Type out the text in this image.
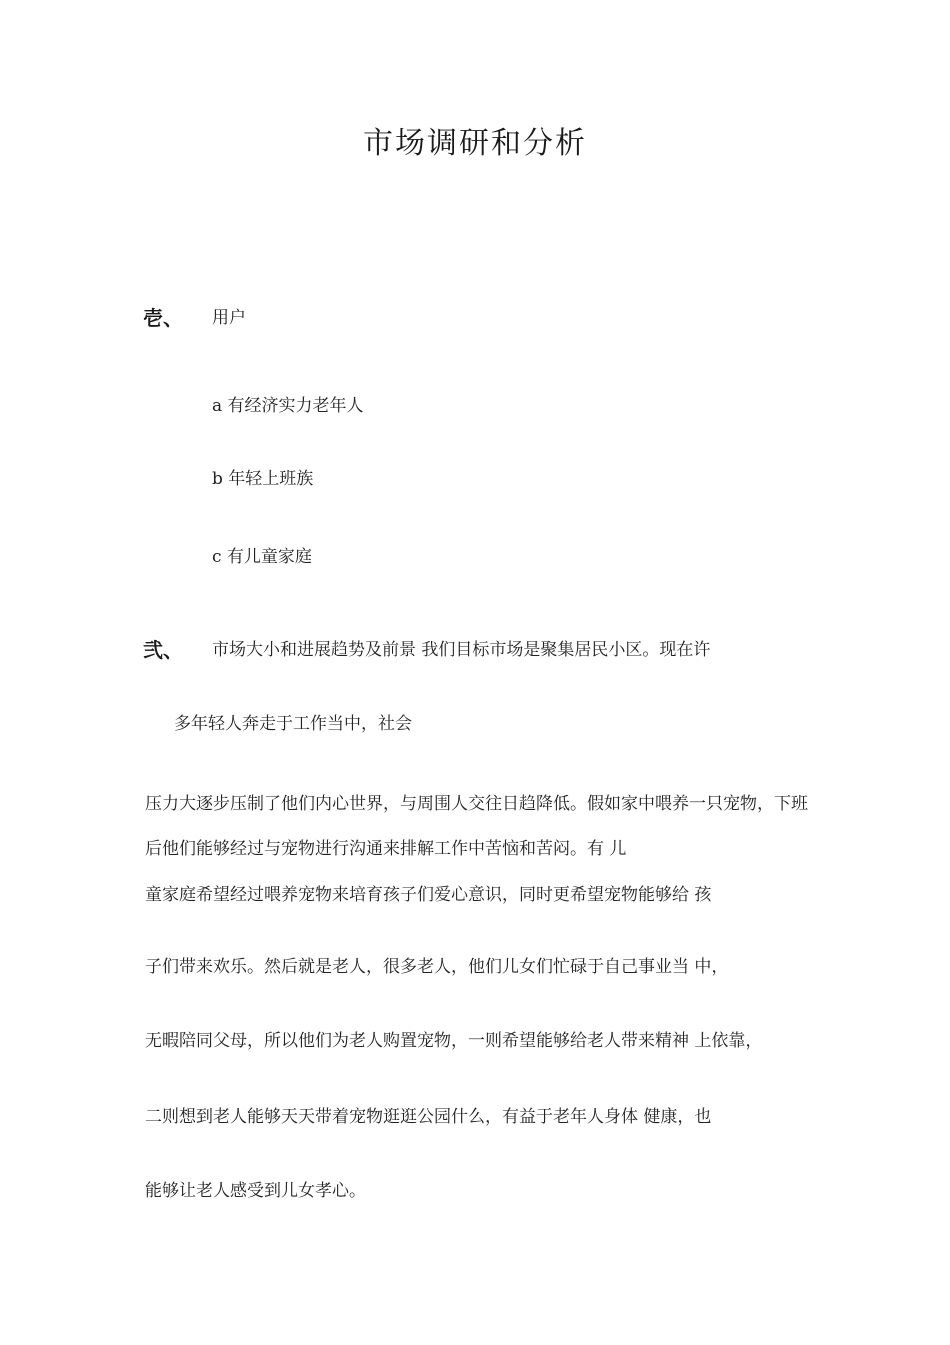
市场调研和分析
壱、 用户
a 有经济实力老年人
b 年轻上班族
c 有儿童家庭
弐、 市场大小和进展趋势及前景 我们目标市场是聚集居民小区。现在许
多年轻人奔走于工作当中，社会
压力大逐步压制了他们内心世界，与周围人交往日趋降低。假如家中喂养一只宠物，下班
后他们能够经过与宠物进行沟通来排解工作中苦恼和苦闷。有 儿
童家庭希望经过喂养宠物来培育孩子们爱心意识，同时更希望宠物能够给 孩
子们带来欢乐。然后就是老人，很多老人，他们儿女们忙碌于自己事业当 中，
无暇陪同父母，所以他们为老人购置宠物，一则希望能够给老人带来精神 上依靠，
二则想到老人能够天天带着宠物逛逛公园什么，有益于老年人身体 健康，也
能够让老人感受到儿女孝心。
